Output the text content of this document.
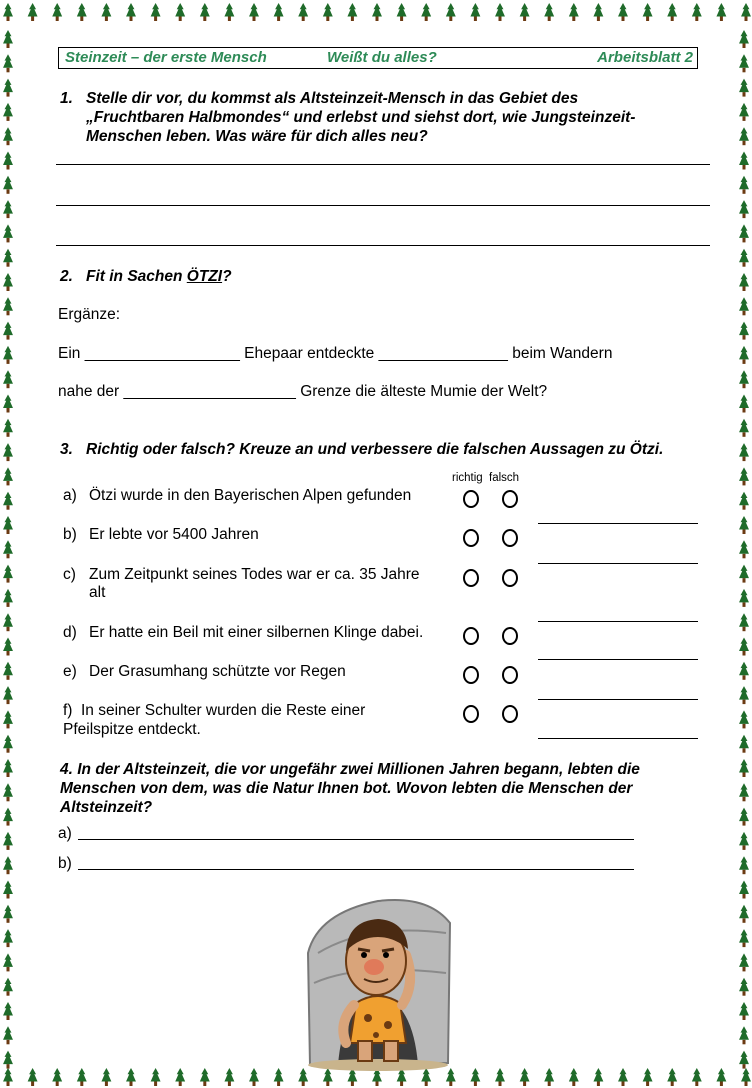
Steinzeit – der erste Mensch	Weißt du alles?	Arbeitsblatt 2
1. Stelle dir vor, du kommst als Altsteinzeit-Mensch in das Gebiet des
„Fruchtbaren Halbmondes“ und erlebst und siehst dort, wie Jungsteinzeit-
Menschen leben. Was wäre für dich alles neu?
2. Fit in Sachen ÖTZI?
Ergänze:
Ein __________________ Ehepaar entdeckte _______________ beim Wandern
nahe der ____________________ Grenze die älteste Mumie der Welt?
3. Richtig oder falsch? Kreuze an und verbessere die falschen Aussagen zu Ötzi.
richtig falsch
a) Ötzi wurde in den Bayerischen Alpen gefunden
b) Er lebte vor 5400 Jahren
c) Zum Zeitpunkt seines Todes war er ca. 35 Jahre
alt
d) Er hatte ein Beil mit einer silbernen Klinge dabei.
e) Der Grasumhang schützte vor Regen
f) In seiner Schulter wurden die Reste einer
Pfeilspitze entdeckt.
4. In der Altsteinzeit, die vor ungefähr zwei Millionen Jahren begann, lebten die
Menschen von dem, was die Natur Ihnen bot. Wovon lebten die Menschen der
Altsteinzeit?
a)
b)
